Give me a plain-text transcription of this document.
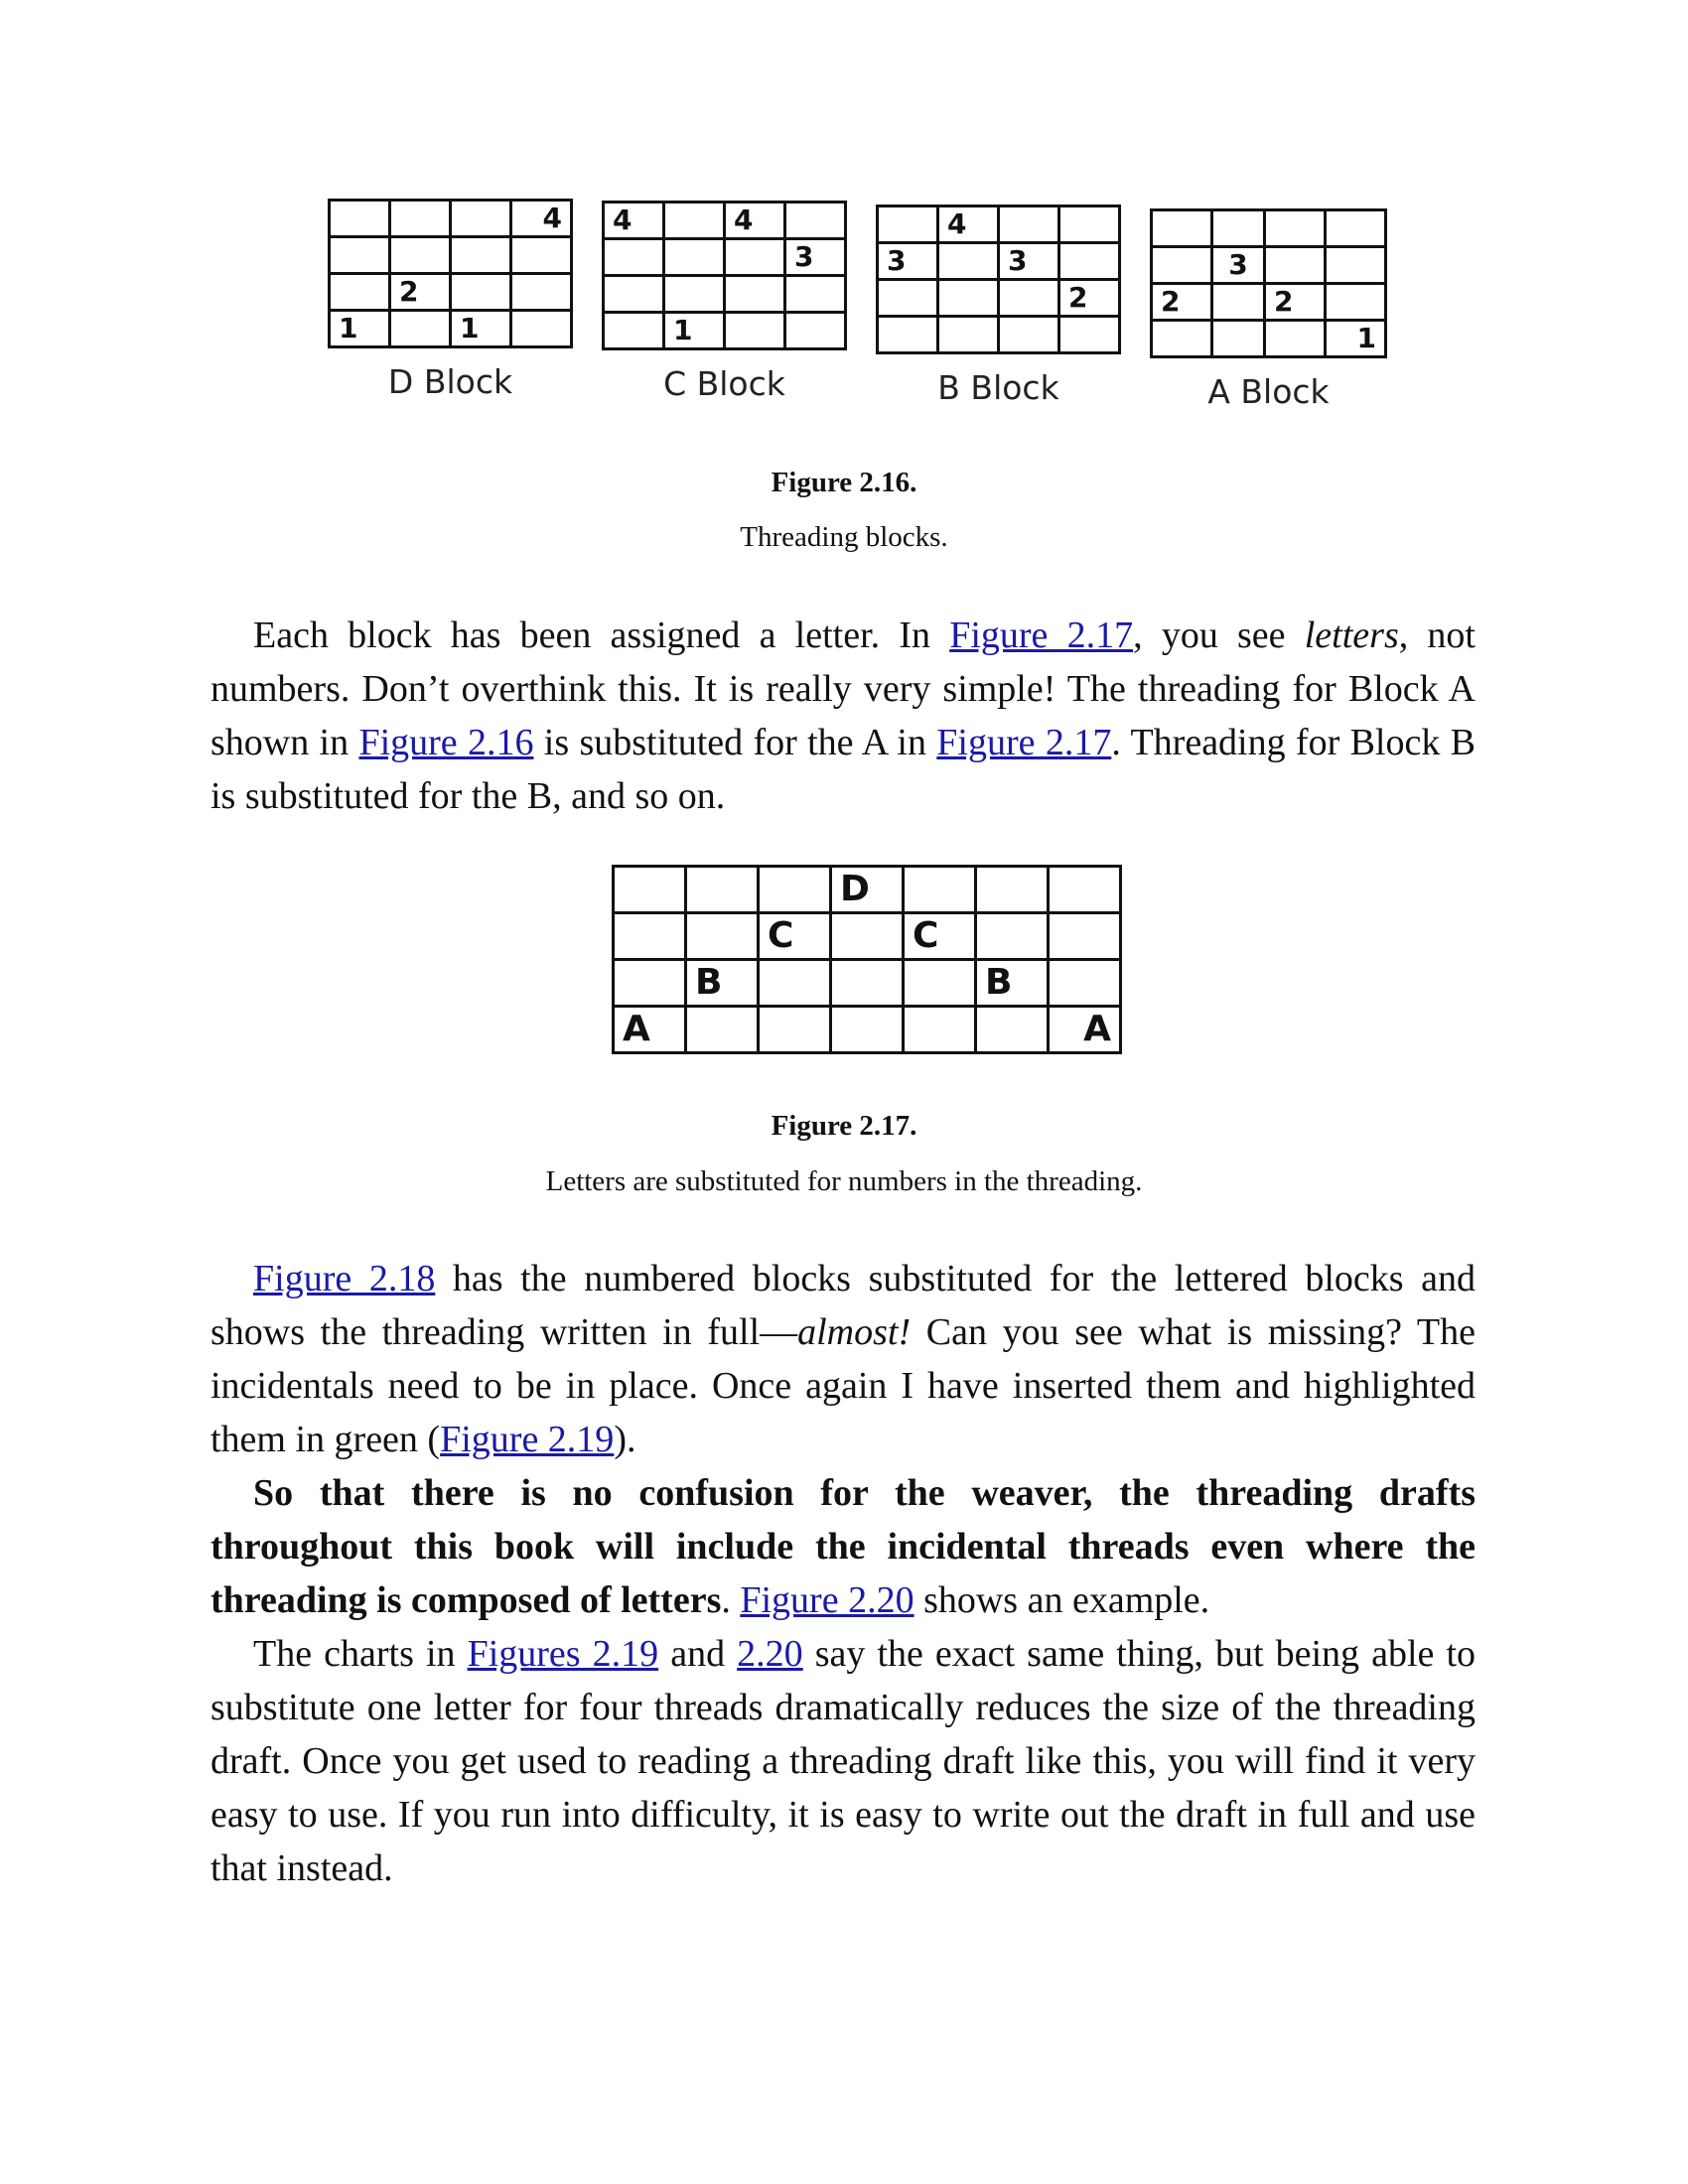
			4

	2		
1		1	
D Block
4		4	
			3

	1		
C Block
	4		
3		3	
			2

B Block

	3		
2		2	
			1
A Block
Figure 2.16.
Threading blocks.

Each block has been assigned a letter. In Figure 2.17, you see letters, not numbers. Don’t overthink this. It is really very simple! The threading for Block A shown in Figure 2.16 is substituted for the A in Figure 2.17. Threading for Block B is substituted for the B, and so on.

			D			
		C		C		
	B				B	
A						A
Figure 2.17.
Letters are substituted for numbers in the threading.

Figure 2.18 has the numbered blocks substituted for the lettered blocks and shows the threading written in full—almost! Can you see what is missing? The incidentals need to be in place. Once again I have inserted them and highlighted them in green (Figure 2.19).

So that there is no confusion for the weaver, the threading drafts throughout this book will include the incidental threads even where the threading is composed of letters. Figure 2.20 shows an example.

The charts in Figures 2.19 and 2.20 say the exact same thing, but being able to substitute one letter for four threads dramatically reduces the size of the threading draft. Once you get used to reading a threading draft like this, you will find it very easy to use. If you run into difficulty, it is easy to write out the draft in full and use that instead.
